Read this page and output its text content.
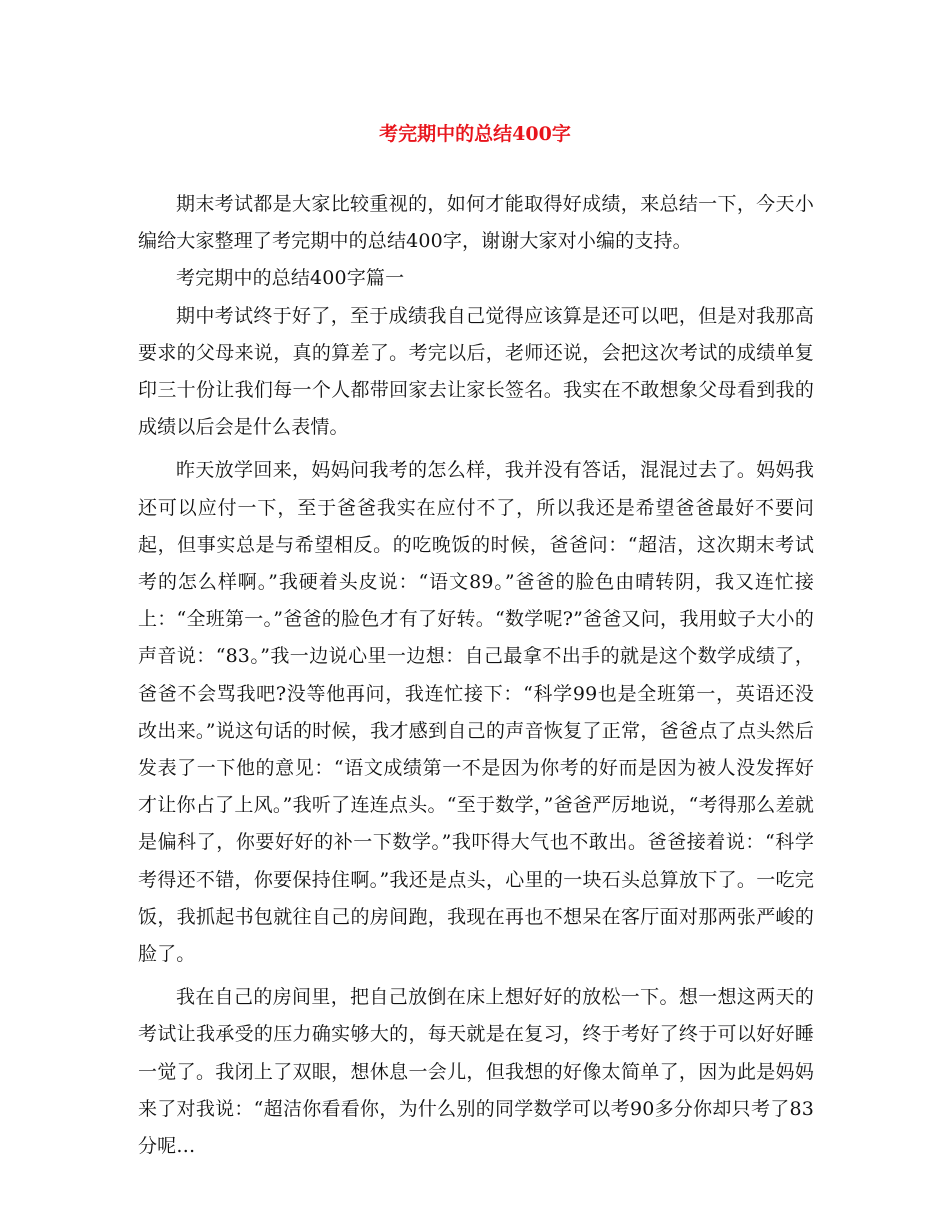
考完期中的总结400字

期末考试都是大家比较重视的，如何才能取得好成绩，来总结一下，今天小编给大家整理了考完期中的总结400字，谢谢大家对小编的支持。

考完期中的总结400字篇一

期中考试终于好了，至于成绩我自己觉得应该算是还可以吧，但是对我那高要求的父母来说，真的算差了。考完以后，老师还说，会把这次考试的成绩单复印三十份让我们每一个人都带回家去让家长签名。我实在不敢想象父母看到我的成绩以后会是什么表情。

昨天放学回来，妈妈问我考的怎么样，我并没有答话，混混过去了。妈妈我还可以应付一下，至于爸爸我实在应付不了，所以我还是希望爸爸最好不要问起，但事实总是与希望相反。的吃晚饭的时候，爸爸问：“超洁，这次期末考试考的怎么样啊。”我硬着头皮说：“语文89。”爸爸的脸色由晴转阴，我又连忙接上：“全班第一。”爸爸的脸色才有了好转。“数学呢?”爸爸又问，我用蚊子大小的声音说：“83。”我一边说心里一边想：自己最拿不出手的就是这个数学成绩了，爸爸不会骂我吧?没等他再问，我连忙接下：“科学99也是全班第一，英语还没改出来。”说这句话的时候，我才感到自己的声音恢复了正常，爸爸点了点头然后发表了一下他的意见：“语文成绩第一不是因为你考的好而是因为被人没发挥好才让你占了上风。”我听了连连点头。“至于数学，”爸爸严厉地说，“考得那么差就是偏科了，你要好好的补一下数学。”我吓得大气也不敢出。爸爸接着说：“科学考得还不错，你要保持住啊。”我还是点头，心里的一块石头总算放下了。一吃完饭，我抓起书包就往自己的房间跑，我现在再也不想呆在客厅面对那两张严峻的脸了。

我在自己的房间里，把自己放倒在床上想好好的放松一下。想一想这两天的考试让我承受的压力确实够大的，每天就是在复习，终于考好了终于可以好好睡一觉了。我闭上了双眼，想休息一会儿，但我想的好像太简单了，因为此是妈妈来了对我说：“超洁你看看你，为什么别的同学数学可以考90多分你却只考了83分呢…
